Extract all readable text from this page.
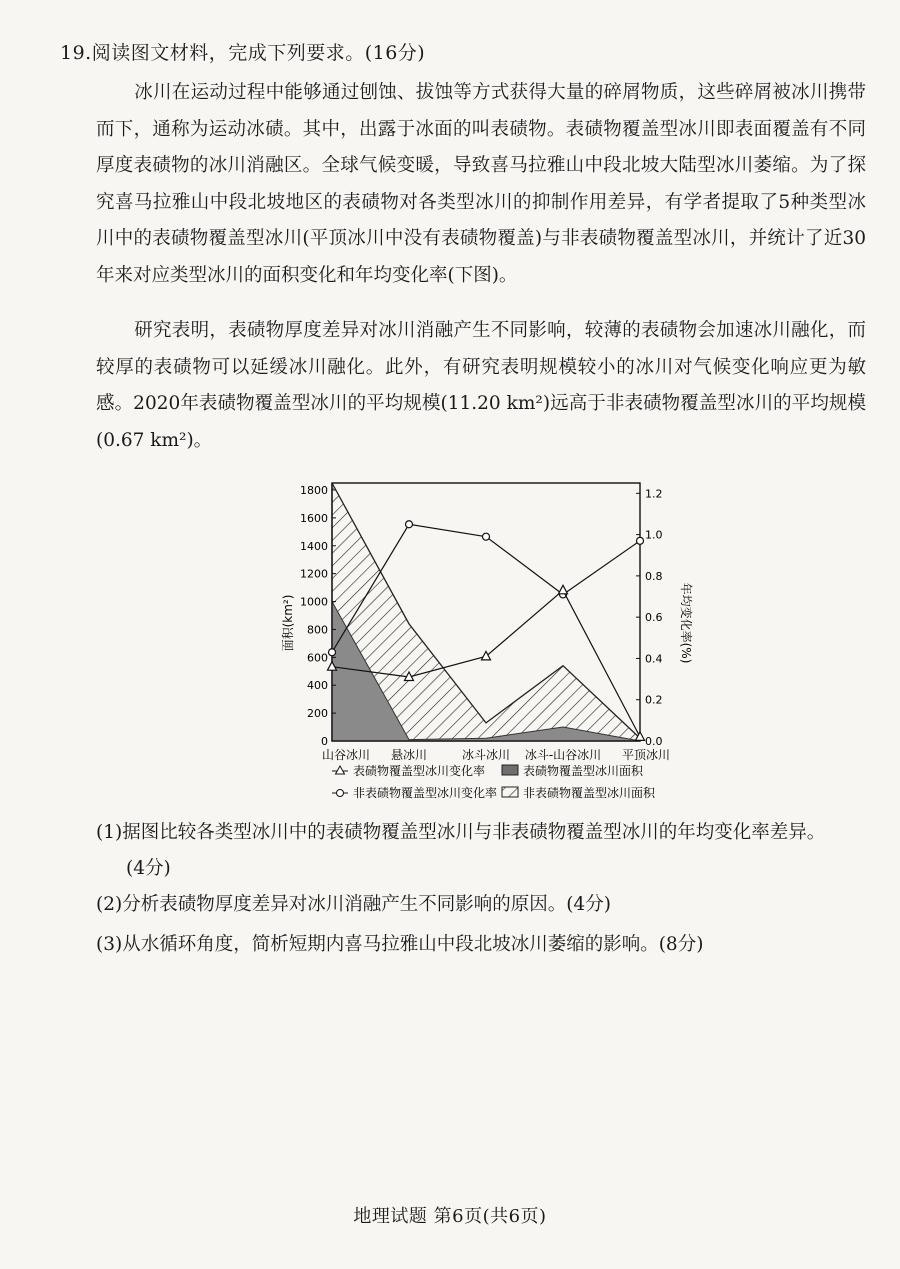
19.阅读图文材料，完成下列要求。(16分)

冰川在运动过程中能够通过刨蚀、拔蚀等方式获得大量的碎屑物质，这些碎屑被冰川携带而下，通称为运动冰碛。其中，出露于冰面的叫表碛物。表碛物覆盖型冰川即表面覆盖有不同厚度表碛物的冰川消融区。全球气候变暖，导致喜马拉雅山中段北坡大陆型冰川萎缩。为了探究喜马拉雅山中段北坡地区的表碛物对各类型冰川的抑制作用差异，有学者提取了5种类型冰川中的表碛物覆盖型冰川(平顶冰川中没有表碛物覆盖)与非表碛物覆盖型冰川，并统计了近30年来对应类型冰川的面积变化和年均变化率(下图)。

研究表明，表碛物厚度差异对冰川消融产生不同影响，较薄的表碛物会加速冰川融化，而较厚的表碛物可以延缓冰川融化。此外，有研究表明规模较小的冰川对气候变化响应更为敏感。2020年表碛物覆盖型冰川的平均规模(11.20 km²)远高于非表碛物覆盖型冰川的平均规模(0.67 km²)。

0
200
400
600
800
1000
1200
1400
1600
1800
0.0
0.2
0.4
0.6
0.8
1.0
1.2
山谷冰川 悬冰川	冰斗冰川 冰斗-山谷冰川 平顶冰川
表碛物覆盖型冰川变化率	表碛物覆盖型冰川面积
非表碛物覆盖型冰川变化率 非表碛物覆盖型冰川面积
面积(km²)	年均变化率(%)
(1)据图比较各类型冰川中的表碛物覆盖型冰川与非表碛物覆盖型冰川的年均变化率差异。
(4分)
(2)分析表碛物厚度差异对冰川消融产生不同影响的原因。(4分)
(3)从水循环角度，简析短期内喜马拉雅山中段北坡冰川萎缩的影响。(8分)
地理试题 第6页(共6页)
